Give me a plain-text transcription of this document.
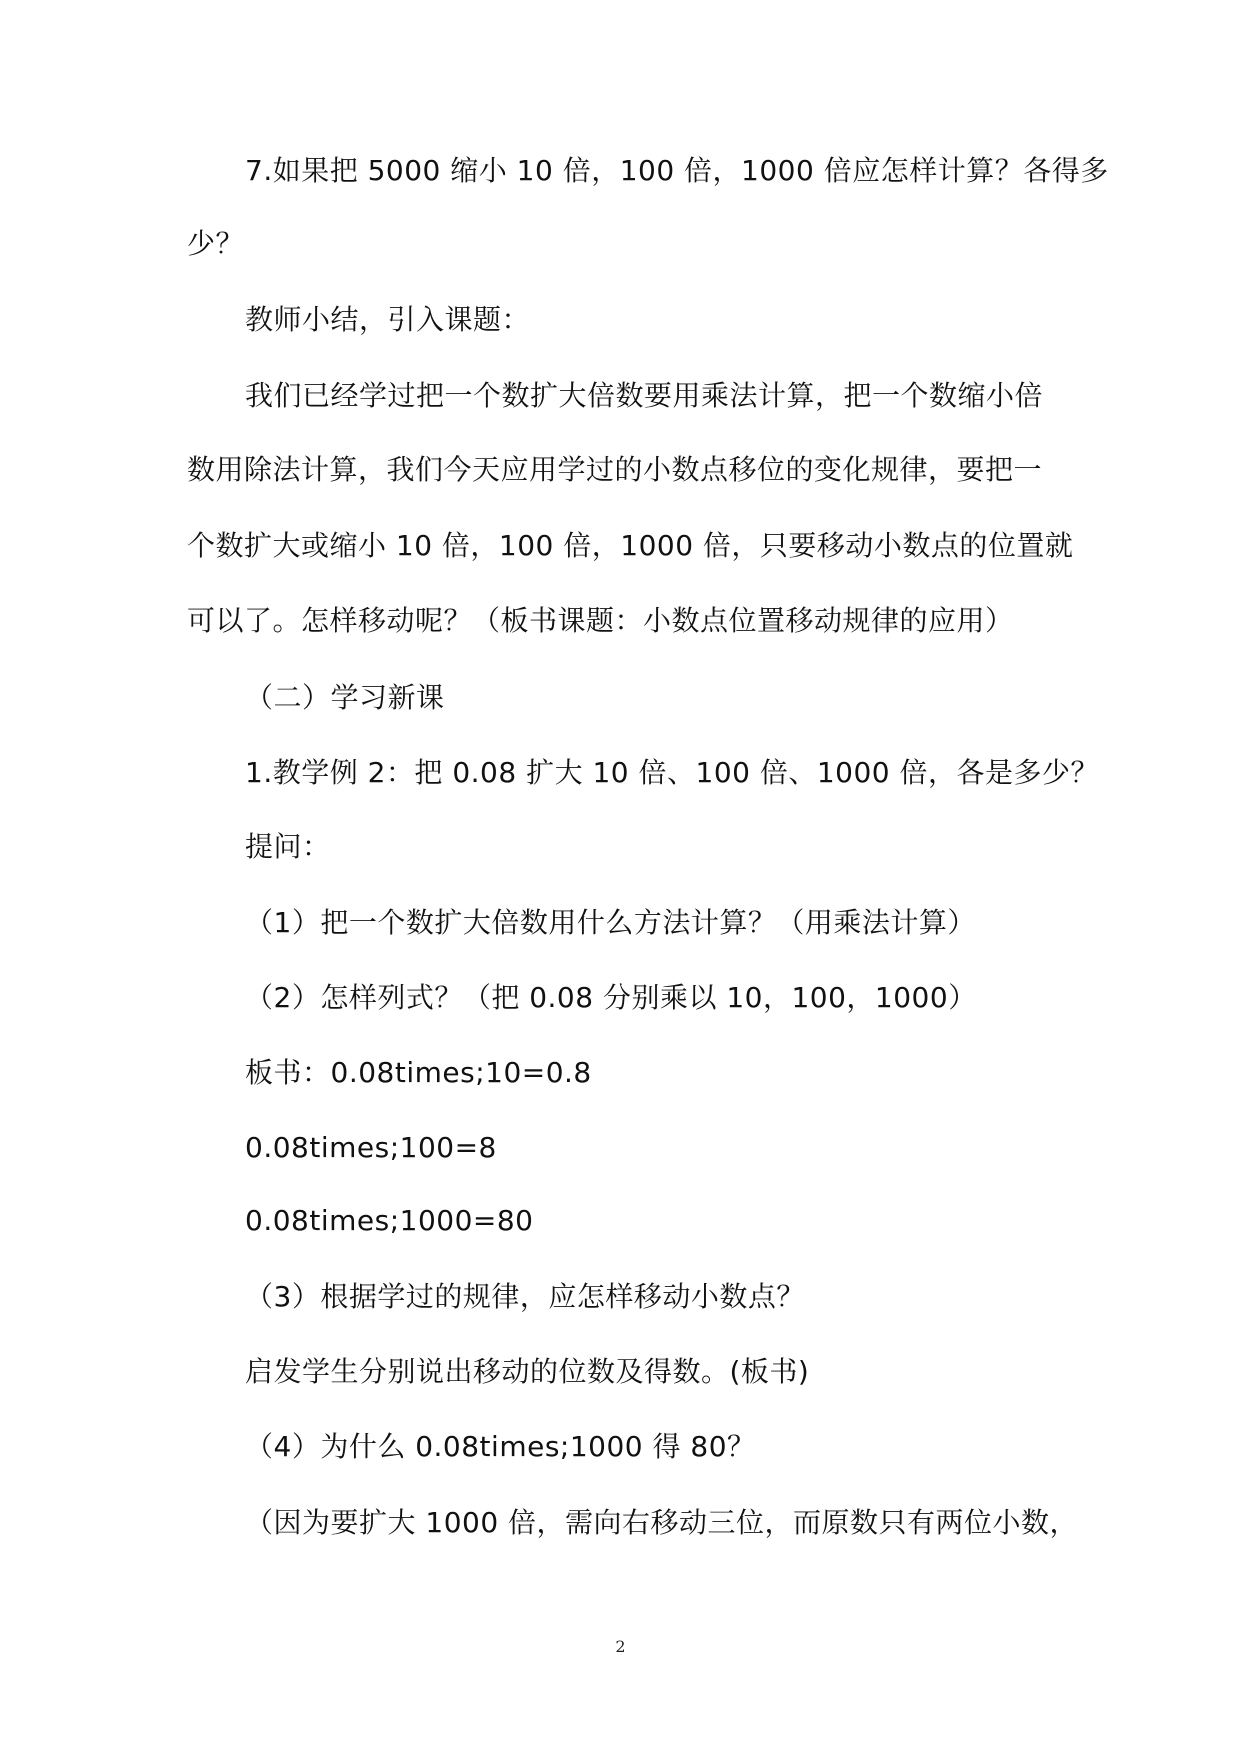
7.如果把 5000 缩小 10 倍，100 倍，1000 倍应怎样计算？各得多
少？
教师小结，引入课题：
我们已经学过把一个数扩大倍数要用乘法计算，把一个数缩小倍
数用除法计算，我们今天应用学过的小数点移位的变化规律，要把一
个数扩大或缩小 10 倍，100 倍，1000 倍，只要移动小数点的位置就
可以了。怎样移动呢？（板书课题：小数点位置移动规律的应用）
（二）学习新课
1.教学例 2：把 0.08 扩大 10 倍、100 倍、1000 倍，各是多少？
提问：
（1）把一个数扩大倍数用什么方法计算？（用乘法计算）
（2）怎样列式？（把 0.08 分别乘以 10，100，1000）
板书：0.08times;10=0.8
0.08times;100=8
0.08times;1000=80
（3）根据学过的规律，应怎样移动小数点？
启发学生分别说出移动的位数及得数。(板书)
（4）为什么 0.08times;1000 得 80？
（因为要扩大 1000 倍，需向右移动三位，而原数只有两位小数，
2
